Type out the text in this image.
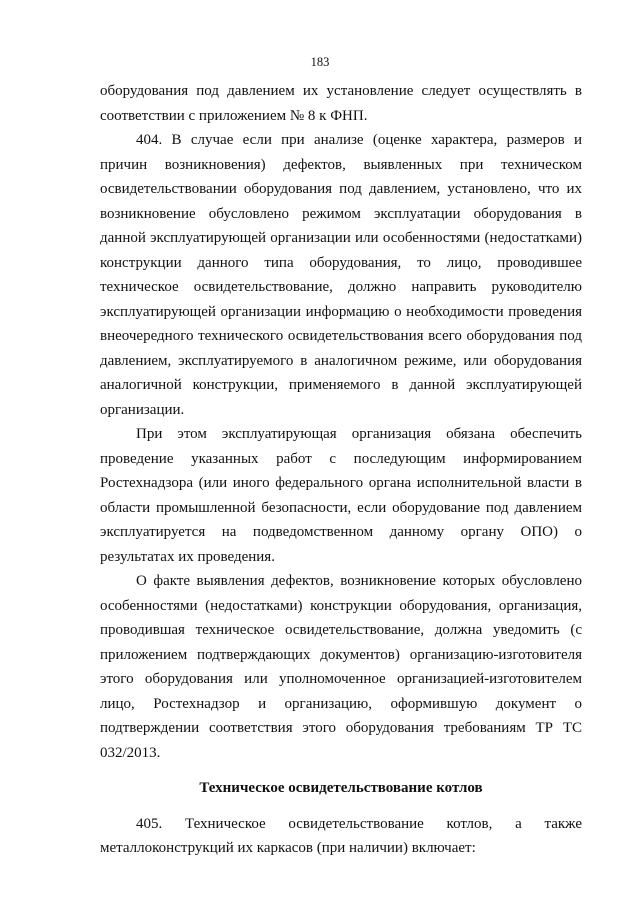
183

оборудования под давлением их установление следует осуществлять в соответствии с приложением № 8 к ФНП.

404. В случае если при анализе (оценке характера, размеров и причин возникновения) дефектов, выявленных при техническом освидетельствовании оборудования под давлением, установлено, что их возникновение обусловлено режимом эксплуатации оборудования в данной эксплуатирующей организации или особенностями (недостатками) конструкции данного типа оборудования, то лицо, проводившее техническое освидетельствование, должно направить руководителю эксплуатирующей организации информацию о необходимости проведения внеочередного технического освидетельствования всего оборудования под давлением, эксплуатируемого в аналогичном режиме, или оборудования аналогичной конструкции, применяемого в данной эксплуатирующей организации.

При этом эксплуатирующая организация обязана обеспечить проведение указанных работ с последующим информированием Ростехнадзора (или иного федерального органа исполнительной власти в области промышленной безопасности, если оборудование под давлением эксплуатируется на подведомственном данному органу ОПО) о результатах их проведения.

О факте выявления дефектов, возникновение которых обусловлено особенностями (недостатками) конструкции оборудования, организация, проводившая техническое освидетельствование, должна уведомить (с приложением подтверждающих документов) организацию-изготовителя этого оборудования или уполномоченное организацией-изготовителем лицо, Ростехнадзор и организацию, оформившую документ о подтверждении соответствия этого оборудования требованиям ТР ТС 032/2013.

Техническое освидетельствование котлов

405. Техническое освидетельствование котлов, а также металлоконструкций их каркасов (при наличии) включает:
